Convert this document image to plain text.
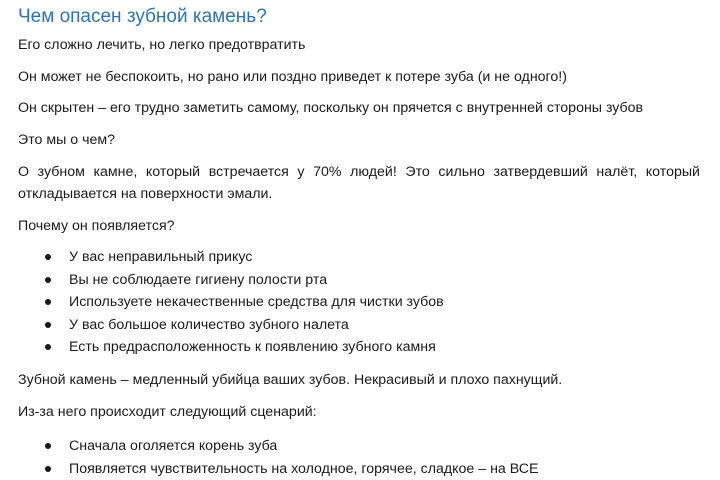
Чем опасен зубной камень?
Его сложно лечить, но легко предотвратить
Он может не беспокоить, но рано или поздно приведет к потере зуба (и не одного!)
Он скрытен – его трудно заметить самому, поскольку он прячется с внутренней стороны зубов
Это мы о чем?
О зубном камне, который встречается у 70% людей! Это сильно затвердевший налёт, который
откладывается на поверхности эмали.
Почему он появляется?
У вас неправильный прикус
Вы не соблюдаете гигиену полости рта
Используете некачественные средства для чистки зубов
У вас большое количество зубного налета
Есть предрасположенность к появлению зубного камня
Зубной камень – медленный убийца ваших зубов. Некрасивый и плохо пахнущий.
Из-за него происходит следующий сценарий:
Сначала оголяется корень зуба
Появляется чувствительность на холодное, горячее, сладкое – на ВСЕ
